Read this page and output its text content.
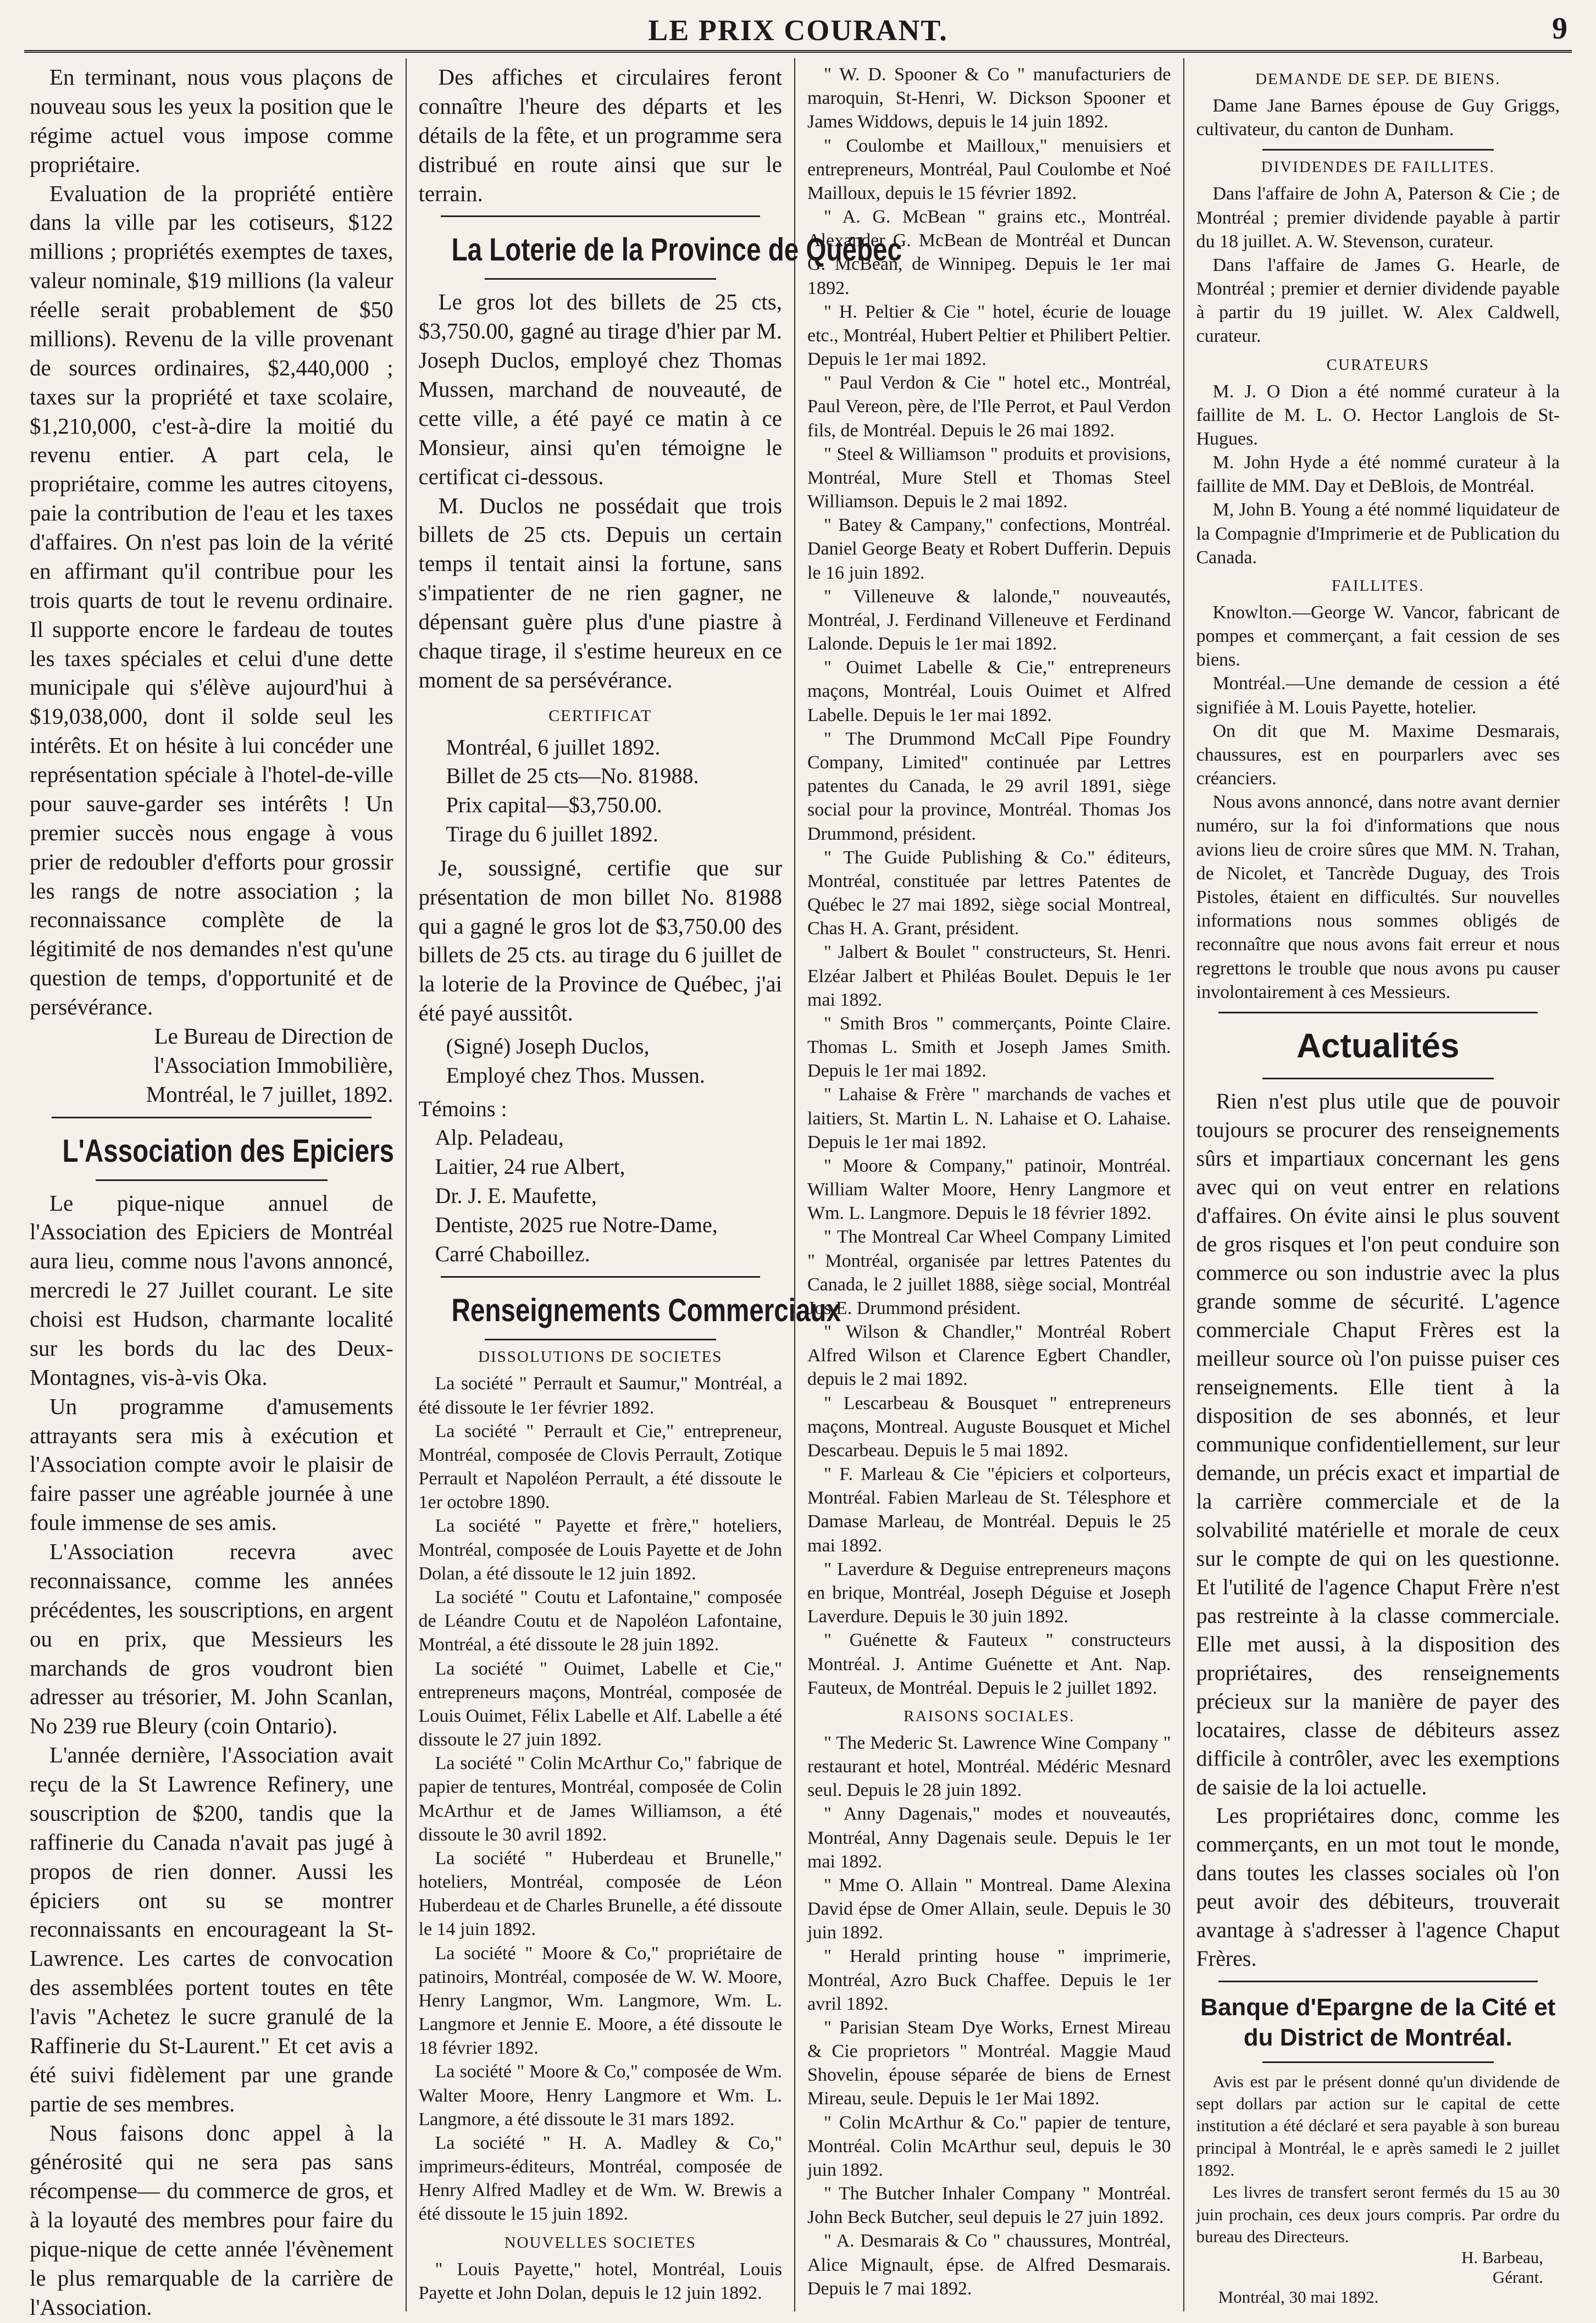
LE PRIX COURANT.	9

En terminant, nous vous plaçons de nouveau sous les yeux la position que le régime actuel vous impose comme propriétaire.

Evaluation de la propriété entière dans la ville par les cotiseurs, $122 millions ; propriétés exemptes de taxes, valeur nominale, $19 millions (la valeur réelle serait probablement de $50 millions). Revenu de la ville provenant de sources ordinaires, $2,440,000 ; taxes sur la propriété et taxe scolaire, $1,210,000, c'est-à-dire la moitié du revenu entier. A part cela, le propriétaire, comme les autres citoyens, paie la contribution de l'eau et les taxes d'affaires. On n'est pas loin de la vérité en affirmant qu'il contribue pour les trois quarts de tout le revenu ordinaire. Il supporte encore le fardeau de toutes les taxes spéciales et celui d'une dette municipale qui s'élève aujourd'hui à $19,038,000, dont il solde seul les intérêts. Et on hésite à lui concéder une représentation spéciale à l'hotel-de-ville pour sauve-garder ses intérêts ! Un premier succès nous engage à vous prier de redoubler d'efforts pour grossir les rangs de notre association ; la reconnaissance complète de la légitimité de nos demandes n'est qu'une question de temps, d'opportunité et de persévérance.

Le Bureau de Direction de
l'Association Immobilière,
Montréal, le 7 juillet, 1892.

L'Association des Epiciers

Le pique-nique annuel de l'Association des Epiciers de Montréal aura lieu, comme nous l'avons annoncé, mercredi le 27 Juillet courant. Le site choisi est Hudson, charmante localité sur les bords du lac des Deux-Montagnes, vis-à-vis Oka.

Un programme d'amusements attrayants sera mis à exécution et l'Association compte avoir le plaisir de faire passer une agréable journée à une foule immense de ses amis.

L'Association recevra avec reconnaissance, comme les années précédentes, les souscriptions, en argent ou en prix, que Messieurs les marchands de gros voudront bien adresser au trésorier, M. John Scanlan, No 239 rue Bleury (coin Ontario).

L'année dernière, l'Association avait reçu de la St Lawrence Refinery, une souscription de $200, tandis que la raffinerie du Canada n'avait pas jugé à propos de rien donner. Aussi les épiciers ont su se montrer reconnaissants en encourageant la St-Lawrence. Les cartes de convocation des assemblées portent toutes en tête l'avis "Achetez le sucre granulé de la Raffinerie du St-Laurent." Et cet avis a été suivi fidèlement par une grande partie de ses membres.

Nous faisons donc appel à la générosité qui ne sera pas sans récompense— du commerce de gros, et à la loyauté des membres pour faire du pique-nique de cette année l'évènement le plus remarquable de la carrière de l'Association.

Des affiches et circulaires feront connaître l'heure des départs et les détails de la fête, et un programme sera distribué en route ainsi que sur le terrain.

La Loterie de la Province de Québec

Le gros lot des billets de 25 cts, $3,750.00, gagné au tirage d'hier par M. Joseph Duclos, employé chez Thomas Mussen, marchand de nouveauté, de cette ville, a été payé ce matin à ce Monsieur, ainsi qu'en témoigne le certificat ci-dessous.

M. Duclos ne possédait que trois billets de 25 cts. Depuis un certain temps il tentait ainsi la fortune, sans s'impatienter de ne rien gagner, ne dépensant guère plus d'une piastre à chaque tirage, il s'estime heureux en ce moment de sa persévérance.

CERTIFICAT
Montréal, 6 juillet 1892.
Billet de 25 cts—No. 81988.
Prix capital—$3,750.00.
Tirage du 6 juillet 1892.

Je, soussigné, certifie que sur présentation de mon billet No. 81988 qui a gagné le gros lot de $3,750.00 des billets de 25 cts. au tirage du 6 juillet de la loterie de la Province de Québec, j'ai été payé aussitôt.

(Signé) Joseph Duclos,
Employé chez Thos. Mussen.
Témoins :
Alp. Peladeau,
Laitier, 24 rue Albert,
Dr. J. E. Maufette,
Dentiste, 2025 rue Notre-Dame,
Carré Chaboillez.
Renseignements Commerciaux
DISSOLUTIONS DE SOCIETES

La société " Perrault et Saumur," Montréal, a été dissoute le 1er février 1892.

La société " Perrault et Cie," entrepreneur, Montréal, composée de Clovis Perrault, Zotique Perrault et Napoléon Perrault, a été dissoute le 1er octobre 1890.

La société " Payette et frère," hoteliers, Montréal, composée de Louis Payette et de John Dolan, a été dissoute le 12 juin 1892.

La société " Coutu et Lafontaine," composée de Léandre Coutu et de Napoléon Lafontaine, Montréal, a été dissoute le 28 juin 1892.

La société " Ouimet, Labelle et Cie," entrepreneurs maçons, Montréal, composée de Louis Ouimet, Félix Labelle et Alf. Labelle a été dissoute le 27 juin 1892.

La société " Colin McArthur Co," fabrique de papier de tentures, Montréal, composée de Colin McArthur et de James Williamson, a été dissoute le 30 avril 1892.

La société " Huberdeau et Brunelle," hoteliers, Montréal, composée de Léon Huberdeau et de Charles Brunelle, a été dissoute le 14 juin 1892.

La société " Moore & Co," propriétaire de patinoirs, Montréal, composée de W. W. Moore, Henry Langmor, Wm. Langmore, Wm. L. Langmore et Jennie E. Moore, a été dissoute le 18 février 1892.

La société " Moore & Co," composée de Wm. Walter Moore, Henry Langmore et Wm. L. Langmore, a été dissoute le 31 mars 1892.

La société " H. A. Madley & Co," imprimeurs-éditeurs, Montréal, composée de Henry Alfred Madley et de Wm. W. Brewis a été dissoute le 15 juin 1892.

NOUVELLES SOCIETES

" Louis Payette," hotel, Montréal, Louis Payette et John Dolan, depuis le 12 juin 1892.

" W. D. Spooner & Co " manufacturiers de maroquin, St-Henri, W. Dickson Spooner et James Widdows, depuis le 14 juin 1892.

" Coulombe et Mailloux," menuisiers et entrepreneurs, Montréal, Paul Coulombe et Noé Mailloux, depuis le 15 février 1892.

" A. G. McBean " grains etc., Montréal. Alexander G. McBean de Montréal et Duncan G. McBean, de Winnipeg. Depuis le 1er mai 1892.

" H. Peltier & Cie " hotel, écurie de louage etc., Montréal, Hubert Peltier et Philibert Peltier. Depuis le 1er mai 1892.

" Paul Verdon & Cie " hotel etc., Montréal, Paul Vereon, père, de l'Ile Perrot, et Paul Verdon fils, de Montréal. Depuis le 26 mai 1892.

" Steel & Williamson " produits et provisions, Montréal, Mure Stell et Thomas Steel Williamson. Depuis le 2 mai 1892.

" Batey & Campany," confections, Montréal. Daniel George Beaty et Robert Dufferin. Depuis le 16 juin 1892.

" Villeneuve & lalonde," nouveautés, Montréal, J. Ferdinand Villeneuve et Ferdinand Lalonde. Depuis le 1er mai 1892.

" Ouimet Labelle & Cie," entrepreneurs maçons, Montréal, Louis Ouimet et Alfred Labelle. Depuis le 1er mai 1892.

" The Drummond McCall Pipe Foundry Company, Limited" continuée par Lettres patentes du Canada, le 29 avril 1891, siège social pour la province, Montréal. Thomas Jos Drummond, président.

" The Guide Publishing & Co." éditeurs, Montréal, constituée par lettres Patentes de Québec le 27 mai 1892, siège social Montreal, Chas H. A. Grant, président.

" Jalbert & Boulet " constructeurs, St. Henri. Elzéar Jalbert et Philéas Boulet. Depuis le 1er mai 1892.

" Smith Bros " commerçants, Pointe Claire. Thomas L. Smith et Joseph James Smith. Depuis le 1er mai 1892.

" Lahaise & Frère " marchands de vaches et laitiers, St. Martin L. N. Lahaise et O. Lahaise. Depuis le 1er mai 1892.

" Moore & Company," patinoir, Montréal. William Walter Moore, Henry Langmore et Wm. L. Langmore. Depuis le 18 février 1892.

" The Montreal Car Wheel Company Limited " Montréal, organisée par lettres Patentes du Canada, le 2 juillet 1888, siège social, Montréal Jos E. Drummond président.

" Wilson & Chandler," Montréal Robert Alfred Wilson et Clarence Egbert Chandler, depuis le 2 mai 1892.

" Lescarbeau & Bousquet " entrepreneurs maçons, Montreal. Auguste Bousquet et Michel Descarbeau. Depuis le 5 mai 1892.

" F. Marleau & Cie "épiciers et colporteurs, Montréal. Fabien Marleau de St. Télesphore et Damase Marleau, de Montréal. Depuis le 25 mai 1892.

" Laverdure & Deguise entrepreneurs maçons en brique, Montréal, Joseph Déguise et Joseph Laverdure. Depuis le 30 juin 1892.

" Guénette & Fauteux " constructeurs Montréal. J. Antime Guénette et Ant. Nap. Fauteux, de Montréal. Depuis le 2 juillet 1892.

RAISONS SOCIALES.

" The Mederic St. Lawrence Wine Company " restaurant et hotel, Montréal. Médéric Mesnard seul. Depuis le 28 juin 1892.

" Anny Dagenais," modes et nouveautés, Montréal, Anny Dagenais seule. Depuis le 1er mai 1892.

" Mme O. Allain " Montreal. Dame Alexina David épse de Omer Allain, seule. Depuis le 30 juin 1892.

" Herald printing house " imprimerie, Montréal, Azro Buck Chaffee. Depuis le 1er avril 1892.

" Parisian Steam Dye Works, Ernest Mireau & Cie proprietors " Montréal. Maggie Maud Shovelin, épouse séparée de biens de Ernest Mireau, seule. Depuis le 1er Mai 1892.

" Colin McArthur & Co." papier de tenture, Montréal. Colin McArthur seul, depuis le 30 juin 1892.

" The Butcher Inhaler Company " Montréal. John Beck Butcher, seul depuis le 27 juin 1892.

" A. Desmarais & Co " chaussures, Montréal, Alice Mignault, épse. de Alfred Desmarais. Depuis le 7 mai 1892.

DEMANDE DE SEP. DE BIENS.

Dame Jane Barnes épouse de Guy Griggs, cultivateur, du canton de Dunham.

DIVIDENDES DE FAILLITES.

Dans l'affaire de John A, Paterson & Cie ; de Montréal ; premier dividende payable à partir du 18 juillet. A. W. Stevenson, curateur.

Dans l'affaire de James G. Hearle, de Montréal ; premier et dernier dividende payable à partir du 19 juillet. W. Alex Caldwell, curateur.

CURATEURS

M. J. O Dion a été nommé curateur à la faillite de M. L. O. Hector Langlois de St-Hugues.

M. John Hyde a été nommé curateur à la faillite de MM. Day et DeBlois, de Montréal.

M, John B. Young a été nommé liquidateur de la Compagnie d'Imprimerie et de Publication du Canada.

FAILLITES.

Knowlton.—George W. Vancor, fabricant de pompes et commerçant, a fait cession de ses biens.

Montréal.—Une demande de cession a été signifiée à M. Louis Payette, hotelier.

On dit que M. Maxime Desmarais, chaussures, est en pourparlers avec ses créanciers.

Nous avons annoncé, dans notre avant dernier numéro, sur la foi d'informations que nous avions lieu de croire sûres que MM. N. Trahan, de Nicolet, et Tancrède Duguay, des Trois Pistoles, étaient en difficultés. Sur nouvelles informations nous sommes obligés de reconnaître que nous avons fait erreur et nous regrettons le trouble que nous avons pu causer involontairement à ces Messieurs.

Actualités

Rien n'est plus utile que de pouvoir toujours se procurer des renseignements sûrs et impartiaux concernant les gens avec qui on veut entrer en relations d'affaires. On évite ainsi le plus souvent de gros risques et l'on peut conduire son commerce ou son industrie avec la plus grande somme de sécurité. L'agence commerciale Chaput Frères est la meilleur source où l'on puisse puiser ces renseignements. Elle tient à la disposition de ses abonnés, et leur communique confidentiellement, sur leur demande, un précis exact et impartial de la carrière commerciale et de la solvabilité matérielle et morale de ceux sur le compte de qui on les questionne. Et l'utilité de l'agence Chaput Frère n'est pas restreinte à la classe commerciale. Elle met aussi, à la disposition des propriétaires, des renseignements précieux sur la manière de payer des locataires, classe de débiteurs assez difficile à contrôler, avec les exemptions de saisie de la loi actuelle.

Les propriétaires donc, comme les commerçants, en un mot tout le monde, dans toutes les classes sociales où l'on peut avoir des débiteurs, trouverait avantage à s'adresser à l'agence Chaput Frères.

Banque d'Epargne de la Cité et du District de Montréal.

Avis est par le présent donné qu'un dividende de sept dollars par action sur le capital de cette institution a été déclaré et sera payable à son bureau principal à Montréal, le e après samedi le 2 juillet 1892.

Les livres de transfert seront fermés du 15 au 30 juin prochain, ces deux jours compris. Par ordre du bureau des Directeurs.

H. Barbeau,
Gérant.
Montréal, 30 mai 1892.
